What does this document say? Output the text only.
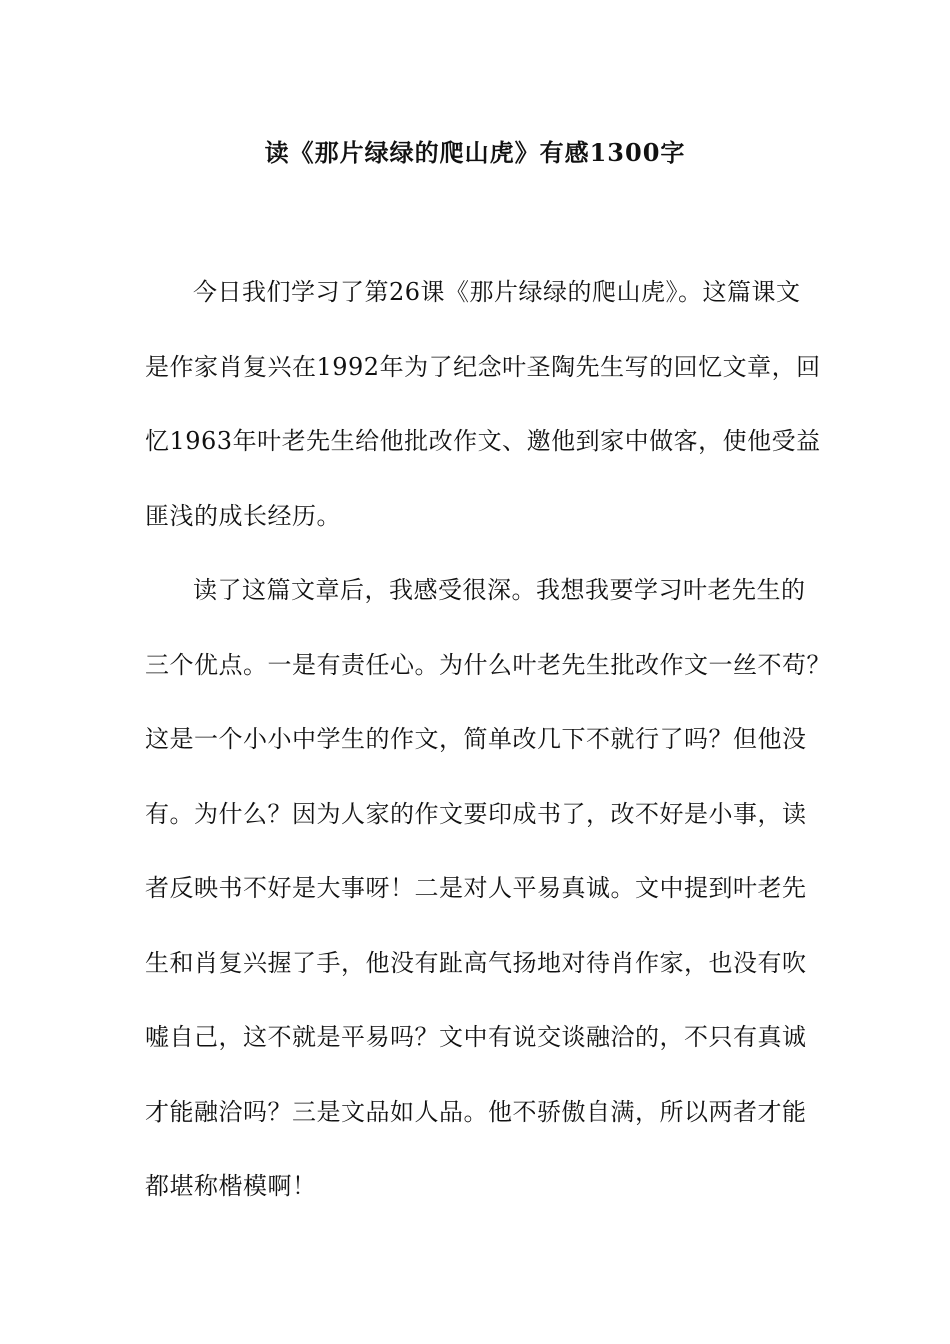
读《那片绿绿的爬山虎》有感1300字
今日我们学习了第26课《那片绿绿的爬山虎》。这篇课文
是作家肖复兴在1992年为了纪念叶圣陶先生写的回忆文章，回
忆1963年叶老先生给他批改作文、邀他到家中做客，使他受益
匪浅的成长经历。
读了这篇文章后，我感受很深。我想我要学习叶老先生的
三个优点。一是有责任心。为什么叶老先生批改作文一丝不苟？
这是一个小小中学生的作文，简单改几下不就行了吗？但他没
有。为什么？因为人家的作文要印成书了，改不好是小事，读
者反映书不好是大事呀！二是对人平易真诚。文中提到叶老先
生和肖复兴握了手，他没有趾高气扬地对待肖作家，也没有吹
嘘自己，这不就是平易吗？文中有说交谈融洽的，不只有真诚
才能融洽吗？三是文品如人品。他不骄傲自满，所以两者才能
都堪称楷模啊！
